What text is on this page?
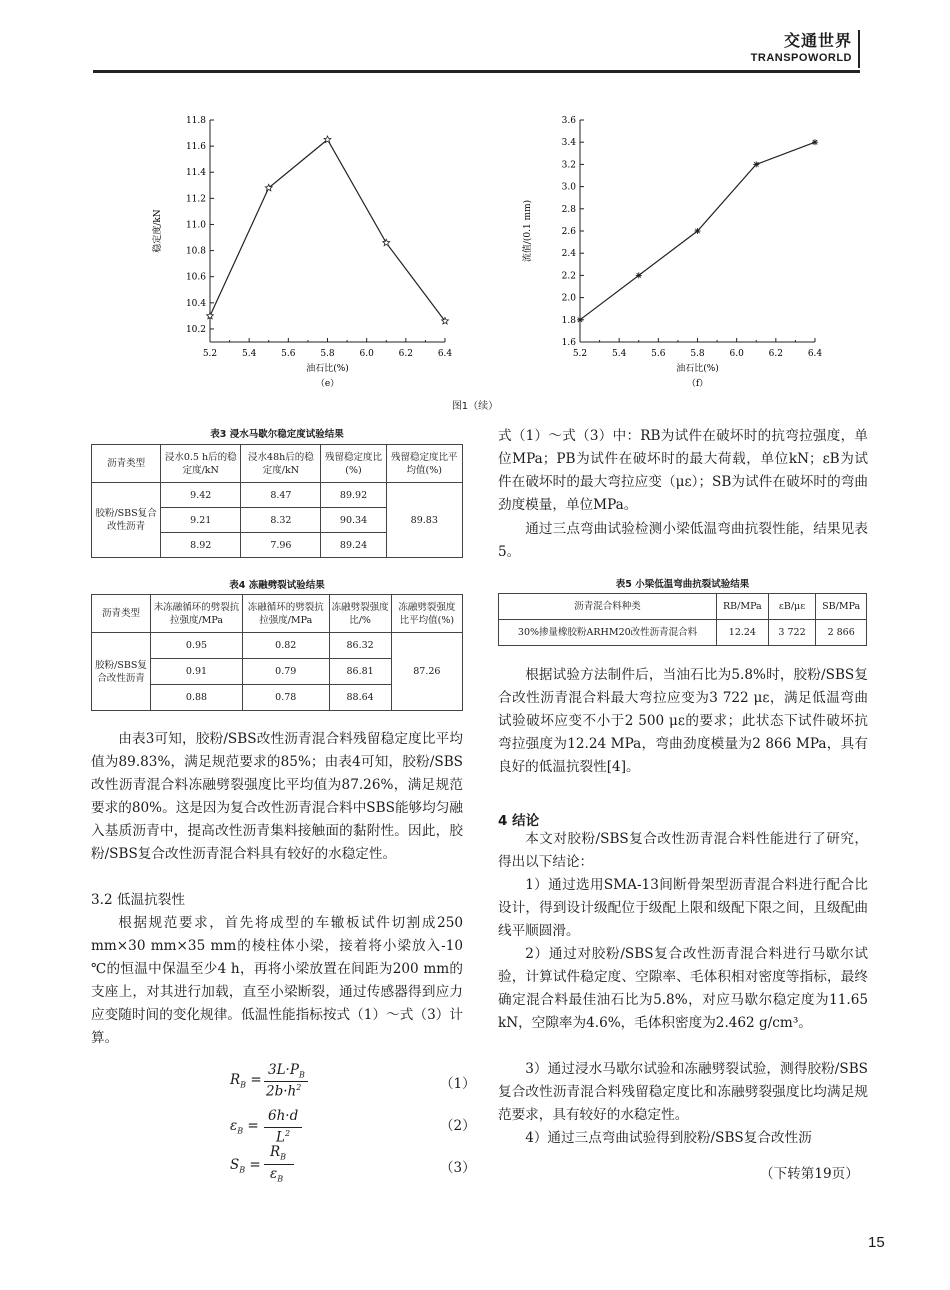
交通世界
TRANSPOWORLD
10.2
10.4
10.6
10.8
11.0
11.2
11.4
11.6
11.8
5.2	5.4	5.6	5.8	6.0	6.2	6.4
油石比(%)
（e）
稳定度/kN
1.6
1.8
2.0
2.2
2.4
2.6
2.8
3.0
3.2
3.4
3.6
5.2	5.4	5.6	5.8	6.0	6.2	6.4
油石比(%)
（f）
流值/(0.1 mm)
图1（续）
表3 浸水马歇尔稳定度试验结果
沥青类型	浸水0.5 h后的稳定度/kN	浸水48h后的稳定度/kN	残留稳定度比(%)	残留稳定度比平均值(%)
胶粉/SBS复合改性沥青	9.42	8.47	89.92	89.83
	9.21	8.32	90.34	
	8.92	7.96	89.24	
表4 冻融劈裂试验结果
沥青类型	未冻融循环的劈裂抗拉强度/MPa	冻融循环的劈裂抗拉强度/MPa	冻融劈裂强度比/%	冻融劈裂强度比平均值(%)
胶粉/SBS复合改性沥青	0.95	0.82	86.32	87.26
	0.91	0.79	86.81	
	0.88	0.78	88.64	
由表3可知，胶粉/SBS改性沥青混合料残留稳定度比平均值为89.83%，满足规范要求的85%；由表4可知，胶粉/SBS改性沥青混合料冻融劈裂强度比平均值为87.26%，满足规范要求的80%。这是因为复合改性沥青混合料中SBS能够均匀融入基质沥青中，提高改性沥青集料接触面的黏附性。因此，胶粉/SBS复合改性沥青混合料具有较好的水稳定性。
3.2 低温抗裂性
根据规范要求，首先将成型的车辙板试件切割成250 mm×30 mm×35 mm的棱柱体小梁，接着将小梁放入-10 ℃的恒温中保温至少4 h，再将小梁放置在间距为200 mm的支座上，对其进行加载，直至小梁断裂，通过传感器得到应力应变随时间的变化规律。低温性能指标按式（1）～式（3）计算。
$R_B$ =
$3L\cdot P_B$
$2b\cdot h^2$	（1）
$\varepsilon_B$ =
6h·d
$L^2$	（2）
$S_B$ =
$R_B$
$\varepsilon_B$
（3）
式（1）～式（3）中：RB为试件在破坏时的抗弯拉强度，单位MPa；PB为试件在破坏时的最大荷载，单位kN；εB为试件在破坏时的最大弯拉应变（με）；SB为试件在破坏时的弯曲劲度模量，单位MPa。
通过三点弯曲试验检测小梁低温弯曲抗裂性能，结果见表5。
表5 小梁低温弯曲抗裂试验结果
沥青混合料种类	RB/MPa	εB/με	SB/MPa
30%掺量橡胶粉ARHM20改性沥青混合料	12.24	3 722	2 866
根据试验方法制件后，当油石比为5.8%时，胶粉/SBS复合改性沥青混合料最大弯拉应变为3 722 με，满足低温弯曲试验破坏应变不小于2 500 με的要求；此状态下试件破坏抗弯拉强度为12.24 MPa，弯曲劲度模量为2 866 MPa，具有良好的低温抗裂性[4]。
4 结论
本文对胶粉/SBS复合改性沥青混合料性能进行了研究，得出以下结论：
1）通过选用SMA-13间断骨架型沥青混合料进行配合比设计，得到设计级配位于级配上限和级配下限之间，且级配曲线平顺圆滑。
2）通过对胶粉/SBS复合改性沥青混合料进行马歇尔试验，计算试件稳定度、空隙率、毛体积相对密度等指标，最终确定混合料最佳油石比为5.8%，对应马歇尔稳定度为11.65 kN，空隙率为4.6%，毛体积密度为2.462 g/cm³。
3）通过浸水马歇尔试验和冻融劈裂试验，测得胶粉/SBS复合改性沥青混合料残留稳定度比和冻融劈裂强度比均满足规范要求，具有较好的水稳定性。
4）通过三点弯曲试验得到胶粉/SBS复合改性沥
（下转第19页）
15
